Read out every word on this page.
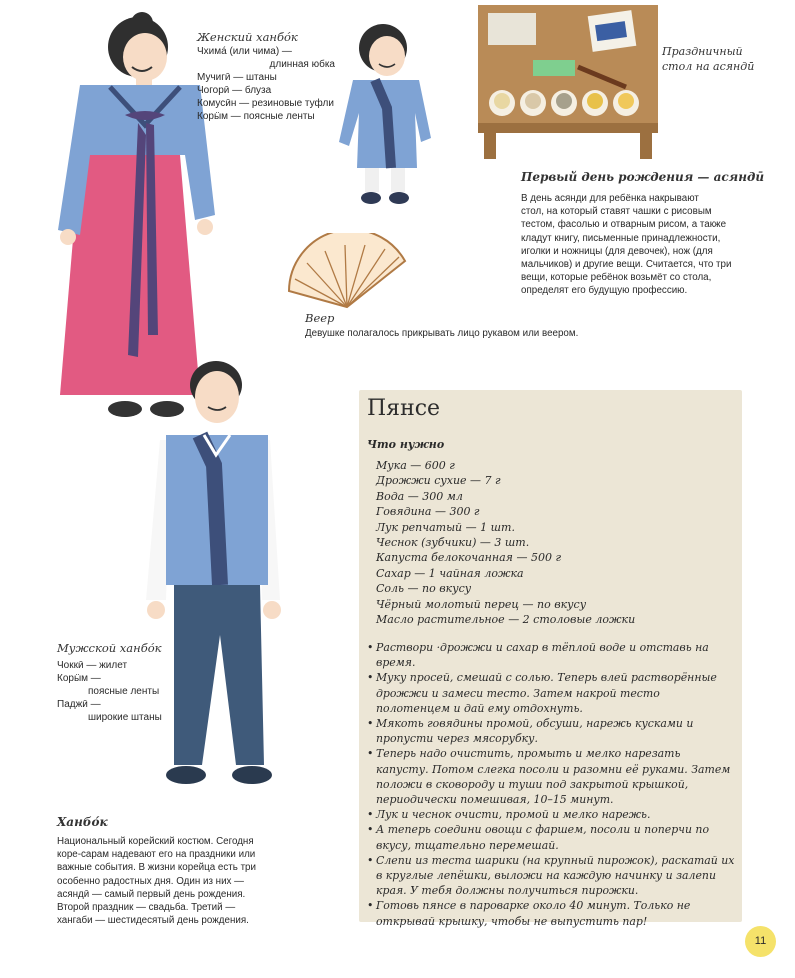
Женский ханбо́к
Чхима́ (или чима) —
длинная юбка
Мучигӣ — штаны
Чогорӣ — блуза
Комусӣн — резиновые туфли
Корӹм — поясные ленты
Праздничный
стол на асяндӣ
Первый день рождения — асяндӣ
В день асянди для ребёнка накрывают
стол, на который ставят чашки с рисовым
тестом, фасолью и отварным рисом, а также
кладут книгу, письменные принадлежности,
иголки и ножницы (для девочек), нож (для
мальчиков) и другие вещи. Считается, что три
вещи, которые ребёнок возьмёт со стола,
определят его будущую профессию.
Веер
Девушке полагалось прикрывать лицо рукавом или веером.
Мужской ханбо́к
Чоккӣ — жилет
Корӹм —
поясные ленты
Паджӣ —
широкие штаны
Ханбо́к
Национальный корейский костюм. Сегодня
коре-сарам надевают его на праздники или
важные события. В жизни корейца есть три
особенно радостных дня. Один из них —
асяндӣ — самый первый день рождения.
Второй праздник — свадьба. Третий —
хангаби — шестидесятый день рождения.
Пянсе
Что нужно
Мука — 600 г
Дрожжи сухие — 7 г
Вода — 300 мл
Говядина — 300 г
Лук репчатый — 1 шт.
Чеснок (зубчики) — 3 шт.
Капуста белокочанная — 500 г
Сахар — 1 чайная ложка
Соль — по вкусу
Чёрный молотый перец — по вкусу
Масло растительное — 2 столовые ложки
• Раствори ·дрожжи и сахар в тёплой воде и отставь на время.
• Муку просей, смешай с солью. Теперь влей растворённые дрожжи и замеси тесто. Затем накрой тесто полотенцем и дай ему отдохнуть.
• Мякоть говядины промой, обсуши, нарежь кусками и пропусти через мясорубку.
• Теперь надо очистить, промыть и мелко нарезать капусту. Потом слегка посоли и разомни её руками. Затем положи в сковороду и туши под закрытой крышкой, периодически помешивая, 10–15 минут.
• Лук и чеснок очисти, промой и мелко нарежь.
• А теперь соедини овощи с фаршем, посоли и поперчи по вкусу, тщательно перемешай.
• Слепи из теста шарики (на крупный пирожок), раскатай их в круглые лепёшки, выложи на каждую начинку и залепи края. У тебя должны получиться пирожки.
• Готовь пянсе в пароварке около 40 минут. Только не открывай крышку, чтобы не выпустить пар!
11
